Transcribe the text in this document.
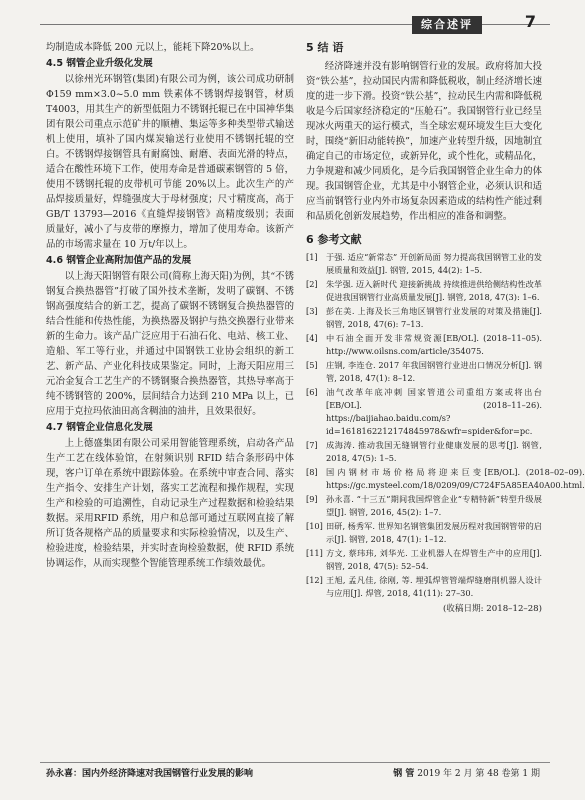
综合述评	7

均制造成本降低 200 元以上，能耗下降20%以上。

4.5 钢管企业升级化发展

以徐州光环钢管(集团)有限公司为例，该公司成功研制 Φ159 mm×3.0~5.0 mm 铁素体不锈钢焊接钢管，材质 T4003，用其生产的新型低阻力不锈钢托辊已在中国神华集团有限公司重点示范矿井的顺槽、集运等多种类型带式输送机上使用，填补了国内煤炭输送行业使用不锈钢托辊的空白。不锈钢焊接钢管具有耐腐蚀、耐磨、表面光滑的特点，适合在酸性环境下工作，使用寿命是普通碳素钢管的 5 倍，使用不锈钢托辊的皮带机可节能 20%以上。此次生产的产品焊接质量好，焊缝强度大于母材强度；尺寸精度高，高于 GB/T 13793—2016《直缝焊接钢管》高精度级别；表面质量好，减小了与皮带的摩擦力，增加了使用寿命。该新产品的市场需求量在 10 万t/年以上。

4.6 钢管企业高附加值产品的发展

以上海天阳钢管有限公司(简称上海天阳)为例，其“不锈钢复合换热器管”打破了国外技术垄断，发明了碳钢、不锈钢高强度结合的新工艺，提高了碳钢不锈钢复合换热器管的结合性能和传热性能，为换热器及钢护与热交换器行业带来新的生命力。该产品广泛应用于石油石化、电站、核工业、造船、军工等行业，并通过中国钢铁工业协会组织的新工艺、新产品、产业化科技成果鉴定。同时，上海天阳应用三元冶金复合工艺生产的不锈钢聚合换热器管，其热导率高于纯不锈钢管的 200%，层间结合力达到 210 MPa 以上，已应用于克拉玛依油田高含稠油的油井，且效果很好。

4.7 钢管企业信息化发展

上上德盛集团有限公司采用智能管理系统，启动各产品生产工艺在线体验馆，在射频识别 RFID 结合条形码中体现，客户订单在系统中跟踪体验。在系统中审查合同、落实生产指令、安排生产计划，落实工艺流程和操作规程，实现生产和检验的可追溯性，自动记录生产过程数据和检验结果数据。采用RFID 系统，用户和总部可通过互联网直接了解所订货各规格产品的质量要求和实际检验情况，以及生产、检验进度，检验结果，并实时查询检验数据，使 RFID 系统协调运作，从而实现整个智能管理系统工作绩效最优。

5 结 语

经济降速并没有影响钢管行业的发展。政府将加大投资“铁公基”，拉动国民内需和降低税收，制止经济增长速度的进一步下滑。投资“铁公基”，拉动民生内需和降低税收是今后国家经济稳定的“压舱石”。我国钢管行业已经呈现冰火两重天的运行模式，当全球宏观环境发生巨大变化时，围绕“新旧动能转换”，加速产业转型升级，因地制宜确定自己的市场定位，或新异化，或个性化，或精品化，力争规避和减少同质化，是今后我国钢管企业生命力的体现。我国钢管企业，尤其是中小钢管企业，必须认识和适应当前钢管行业内外市场复杂因素造成的结构性产能过剩和品质化创新发展趋势，作出相应的准备和调整。

6 参考文献
[1]	于强. 适应“新常态” 开创新局面 努力提高我国钢管工业的发展质量和效益[J]. 钢管, 2015, 44(2): 1–5.
[2]	朱学强. 迈入新时代 迎接新挑战 持续推进供给侧结构性改革 促进我国钢管行业高质量发展[J]. 钢管, 2018, 47(3): 1–6.
[3]	彭在美. 上海及长三角地区钢管行业发展的对策及措施[J]. 钢管, 2018, 47(6): 7–13.
[4]	中石油全面开发非常规资源[EB/OL]. (2018–11–05). http://www.oilsns.com/article/354075.
[5]	庄钢, 李连仓. 2017 年我国钢管行业进出口情况分析[J]. 钢管, 2018, 47(1): 8–12.
[6]	油气改革年底冲刺 国家管道公司重组方案或将出台[EB/OL]. (2018–11–26). https://baijiahao.baidu.com/s?id=1618162212174845978&wfr=spider&for=pc.
[7]	成海涛. 推动我国无缝钢管行业健康发展的思考[J]. 钢管, 2018, 47(5): 1–5.
[8]	国内钢材市场价格局将迎来巨变[EB/OL]. (2018–02–09). https://gc.mysteel.com/18/0209/09/C724F5A85EA40A00.html.
[9]	孙永喜. “十三五”期间我国焊管企业“专精特新”转型升级展望[J]. 钢管, 2016, 45(2): 1–7.
[10] 田研, 杨秀军. 世界知名钢管集团发展历程对我国钢管带的启示[J]. 钢管, 2018, 47(1): 1–12.
[11] 方文, 蔡玮玮, 刘华光. 工业机器人在焊管生产中的应用[J]. 钢管, 2018, 47(5): 52–54.
[12] 王旭, 孟凡佳, 徐刚, 等. 埋弧焊管管端焊缝磨削机器人设计与应用[J]. 焊管, 2018, 41(11): 27–30.
(收稿日期: 2018–12–28)
孙永喜：国内外经济降速对我国钢管行业发展的影响	钢 管 2019 年 2 月 第 48 卷第 1 期
